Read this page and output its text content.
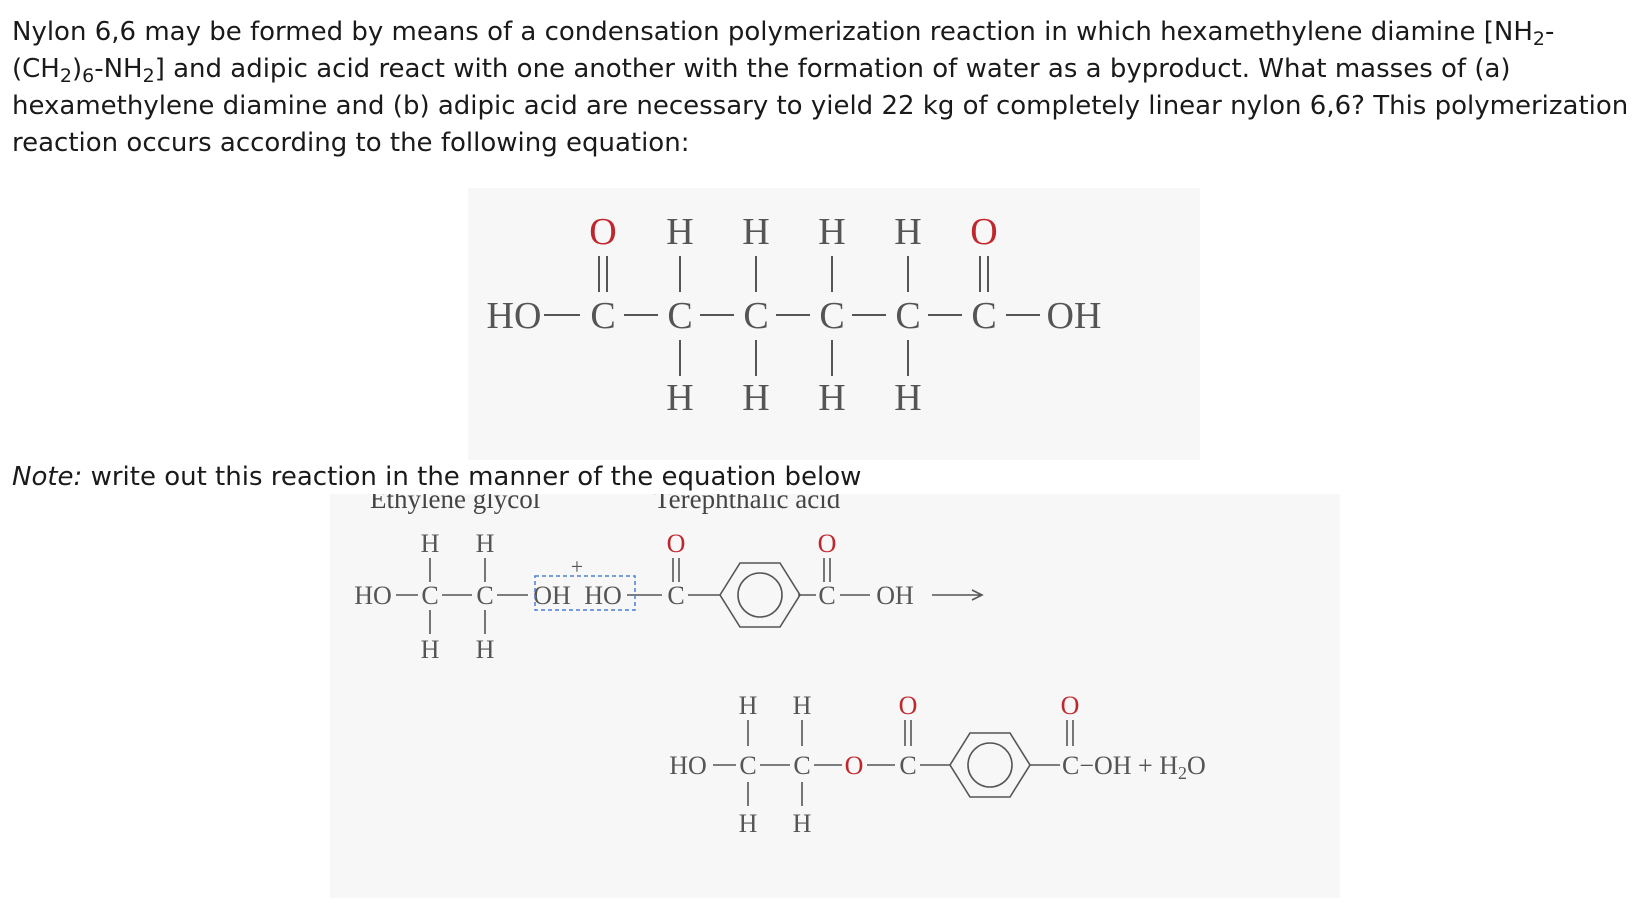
Nylon 6,6 may be formed by means of a condensation polymerization reaction in which hexamethylene diamine $[NH_2-(CH_2)_6-NH_2]$ and adipic acid react with one another with the formation of water as a byproduct. What masses of (a) hexamethylene diamine and (b) adipic acid are necessary to yield 22 kg of completely linear nylon 6,6? This polymerization reaction occurs according to the following equation:
O H H H H O
HO C C C C C C OH
H H H H
Note: write out this reaction in the manner of the equation below
Ethylene glycol	Terephthalic acid
H H	O	O
+
HO C C OH HO C	C OH
H H
H H	O	O
HO C C O C
H H
C−OH + H2O
